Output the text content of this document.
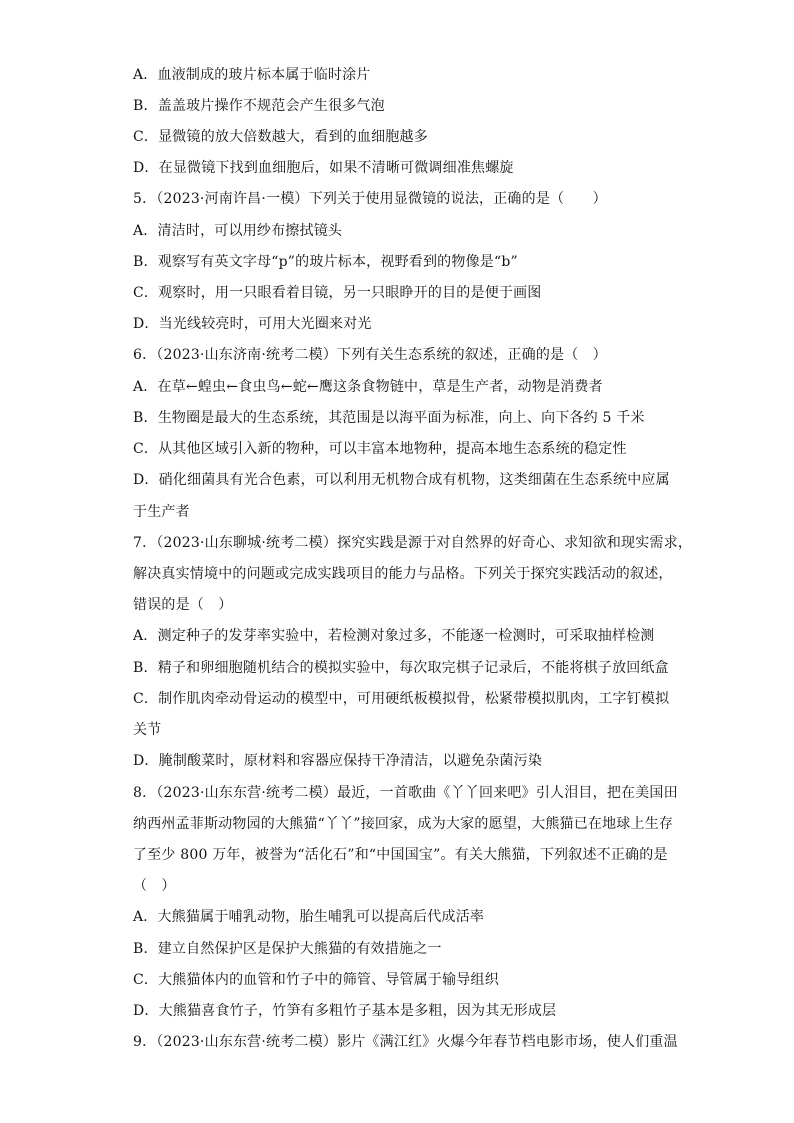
A．血液制成的玻片标本属于临时涂片
B．盖盖玻片操作不规范会产生很多气泡
C．显微镜的放大倍数越大，看到的血细胞越多
D．在显微镜下找到血细胞后，如果不清晰可微调细准焦螺旋
5．（2023·河南许昌·一模）下列关于使用显微镜的说法，正确的是（　　）
A．清洁时，可以用纱布擦拭镜头
B．观察写有英文字母“p”的玻片标本，视野看到的物像是“b”
C．观察时，用一只眼看着目镜，另一只眼睁开的目的是便于画图
D．当光线较亮时，可用大光圈来对光
6．（2023·山东济南·统考二模）下列有关生态系统的叙述，正确的是（　）
A．在草←蝗虫←食虫鸟←蛇←鹰这条食物链中，草是生产者，动物是消费者
B．生物圈是最大的生态系统，其范围是以海平面为标准，向上、向下各约 5 千米
C．从其他区域引入新的物种，可以丰富本地物种，提高本地生态系统的稳定性
D．硝化细菌具有光合色素，可以利用无机物合成有机物，这类细菌在生态系统中应属
于生产者
7．（2023·山东聊城·统考二模）探究实践是源于对自然界的好奇心、求知欲和现实需求，
解决真实情境中的问题或完成实践项目的能力与品格。下列关于探究实践活动的叙述，
错误的是（　）
A．测定种子的发芽率实验中，若检测对象过多，不能逐一检测时，可采取抽样检测
B．精子和卵细胞随机结合的模拟实验中，每次取完棋子记录后，不能将棋子放回纸盒
C．制作肌肉牵动骨运动的模型中，可用硬纸板模拟骨，松紧带模拟肌肉，工字钉模拟
关节
D．腌制酸菜时，原材料和容器应保持干净清洁，以避免杂菌污染
8．（2023·山东东营·统考二模）最近，一首歌曲《丫丫回来吧》引人泪目，把在美国田
纳西州孟菲斯动物园的大熊猫“丫丫”接回家，成为大家的愿望，大熊猫已在地球上生存
了至少 800 万年，被誉为“活化石”和“中国国宝”。有关大熊猫，下列叙述不正确的是
（　）
A．大熊猫属于哺乳动物，胎生哺乳可以提高后代成活率
B．建立自然保护区是保护大熊猫的有效措施之一
C．大熊猫体内的血管和竹子中的筛管、导管属于输导组织
D．大熊猫喜食竹子，竹笋有多粗竹子基本是多粗，因为其无形成层
9．（2023·山东东营·统考二模）影片《满江红》火爆今年春节档电影市场，使人们重温
